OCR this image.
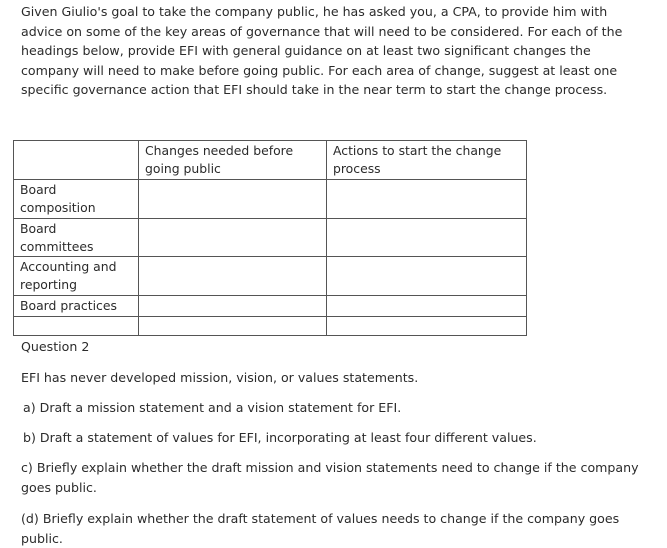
Given Giulio's goal to take the company public, he has asked you, a CPA, to provide him with advice on some of the key areas of governance that will need to be considered. For each of the headings below, provide EFI with general guidance on at least two significant changes the company will need to make before going public. For each area of change, suggest at least one specific governance action that EFI should take in the near term to start the change process.

	Changes needed before going public	Actions to start the change process
Board composition		
Board committees		
Accounting and reporting		
Board practices		

Question 2

EFI has never developed mission, vision, or values statements.

a) Draft a mission statement and a vision statement for EFI.

b) Draft a statement of values for EFI, incorporating at least four different values.

c) Briefly explain whether the draft mission and vision statements need to change if the company goes public.

(d) Briefly explain whether the draft statement of values needs to change if the company goes public.
